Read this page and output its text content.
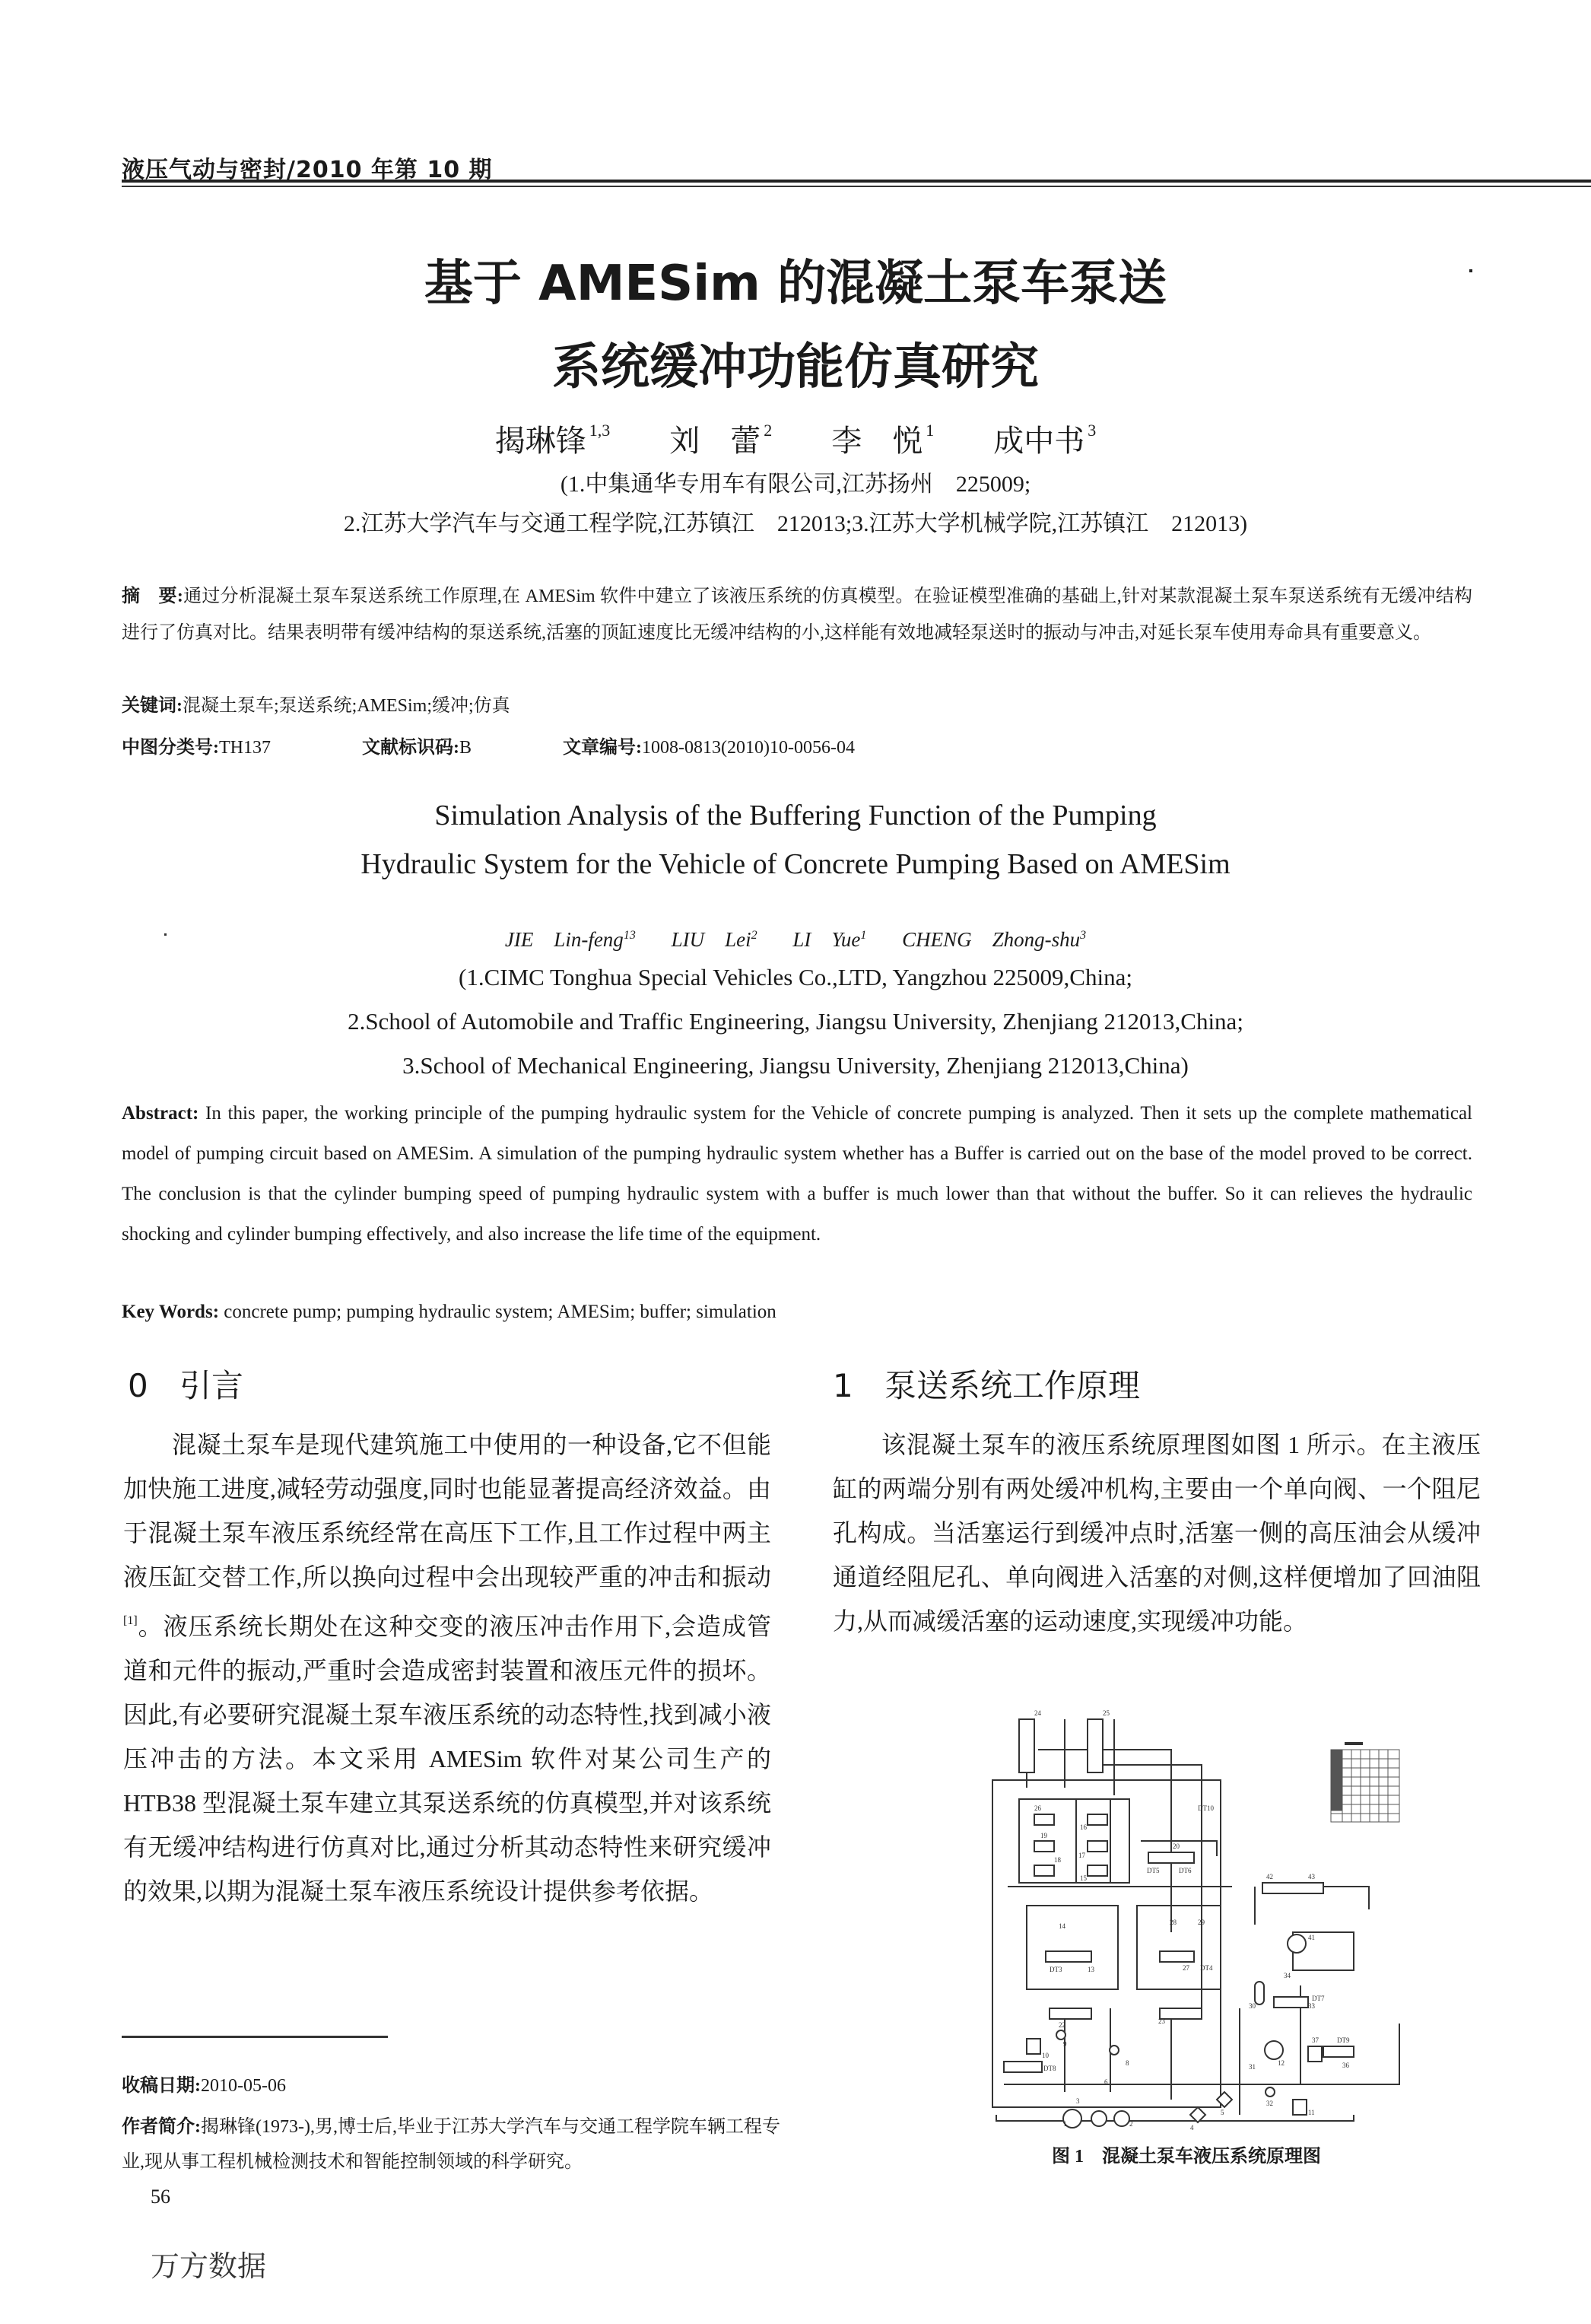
液压气动与密封/2010 年第 10 期
基于 AMESim 的混凝土泵车泵送
系统缓冲功能仿真研究
揭琳锋 $^{1,3}$ 刘　蕾 $^2$ 李　悦 $^1$ 成中书 $^3$
(1.中集通华专用车有限公司,江苏扬州　225009;
2.江苏大学汽车与交通工程学院,江苏镇江　212013;3.江苏大学机械学院,江苏镇江　212013)
摘　要:通过分析混凝土泵车泵送系统工作原理,在 AMESim 软件中建立了该液压系统的仿真模型。在验证模型准确的基础上,针对某款混凝土泵车泵送系统有无缓冲结构进行了仿真对比。结果表明带有缓冲结构的泵送系统,活塞的顶缸速度比无缓冲结构的小,这样能有效地减轻泵送时的振动与冲击,对延长泵车使用寿命具有重要意义。
关键词:混凝土泵车;泵送系统;AMESim;缓冲;仿真
中图分类号:TH137	文献标识码:B	文章编号:1008-0813(2010)10-0056-04
Simulation Analysis of the Buffering Function of the Pumping
Hydraulic System for the Vehicle of Concrete Pumping Based on AMESim
JIE　Lin-feng$^{13}$ LIU　Lei$^2$ LI　Yue$^1$ CHENG　Zhong-shu$^3$
(1.CIMC Tonghua Special Vehicles Co.,LTD, Yangzhou 225009,China;
2.School of Automobile and Traffic Engineering, Jiangsu University, Zhenjiang 212013,China;
3.School of Mechanical Engineering, Jiangsu University, Zhenjiang 212013,China)
Abstract: In this paper, the working principle of the pumping hydraulic system for the Vehicle of concrete pumping is analyzed. Then it sets up the complete mathematical model of pumping circuit based on AMESim. A simulation of the pumping hydraulic system whether has a Buffer is carried out on the base of the model proved to be correct. The conclusion is that the cylinder bumping speed of pumping hydraulic system with a buffer is much lower than that without the buffer. So it can relieves the hydraulic shocking and cylinder bumping effectively, and also increase the life time of the equipment.
Key Words: concrete pump; pumping hydraulic system; AMESim; buffer; simulation
0 引言
混凝土泵车是现代建筑施工中使用的一种设备,它不但能加快施工进度,减轻劳动强度,同时也能显著提高经济效益。由于混凝土泵车液压系统经常在高压下工作,且工作过程中两主液压缸交替工作,所以换向过程中会出现较严重的冲击和振动[1]。液压系统长期处在这种交变的液压冲击作用下,会造成管道和元件的振动,严重时会造成密封装置和液压元件的损坏。因此,有必要研究混凝土泵车液压系统的动态特性,找到减小液压冲击的方法。本文采用 AMESim 软件对某公司生产的 HTB38 型混凝土泵车建立其泵送系统的仿真模型,并对该系统有无缓冲结构进行仿真对比,通过分析其动态特性来研究缓冲的效果,以期为混凝土泵车液压系统设计提供参考依据。
1 泵送系统工作原理
该混凝土泵车的液压系统原理图如图 1 所示。在主液压缸的两端分别有两处缓冲机构,主要由一个单向阀、一个阻尼孔构成。当活塞运行到缓冲点时,活塞一侧的高压油会从缓冲通道经阻尼孔、单向阀进入活塞的对侧,这样便增加了回油阻力,从而减缓活塞的运动速度,实现缓冲功能。
24	25
26
19
18
17
16
15
20
DT10
DT5	DT6
14
DT3	13
28	29
27 DT4
23
22
41
42	43
30
31
33
DT7
34
10
9
8
DT8
6
3
1	2	4
5
32
11
12
37	DT9
36
图 1　混凝土泵车液压系统原理图
收稿日期:2010-05-06
作者简介:揭琳锋(1973-),男,博士后,毕业于江苏大学汽车与交通工程学院车辆工程专业,现从事工程机械检测技术和智能控制领域的科学研究。
56
万方数据
